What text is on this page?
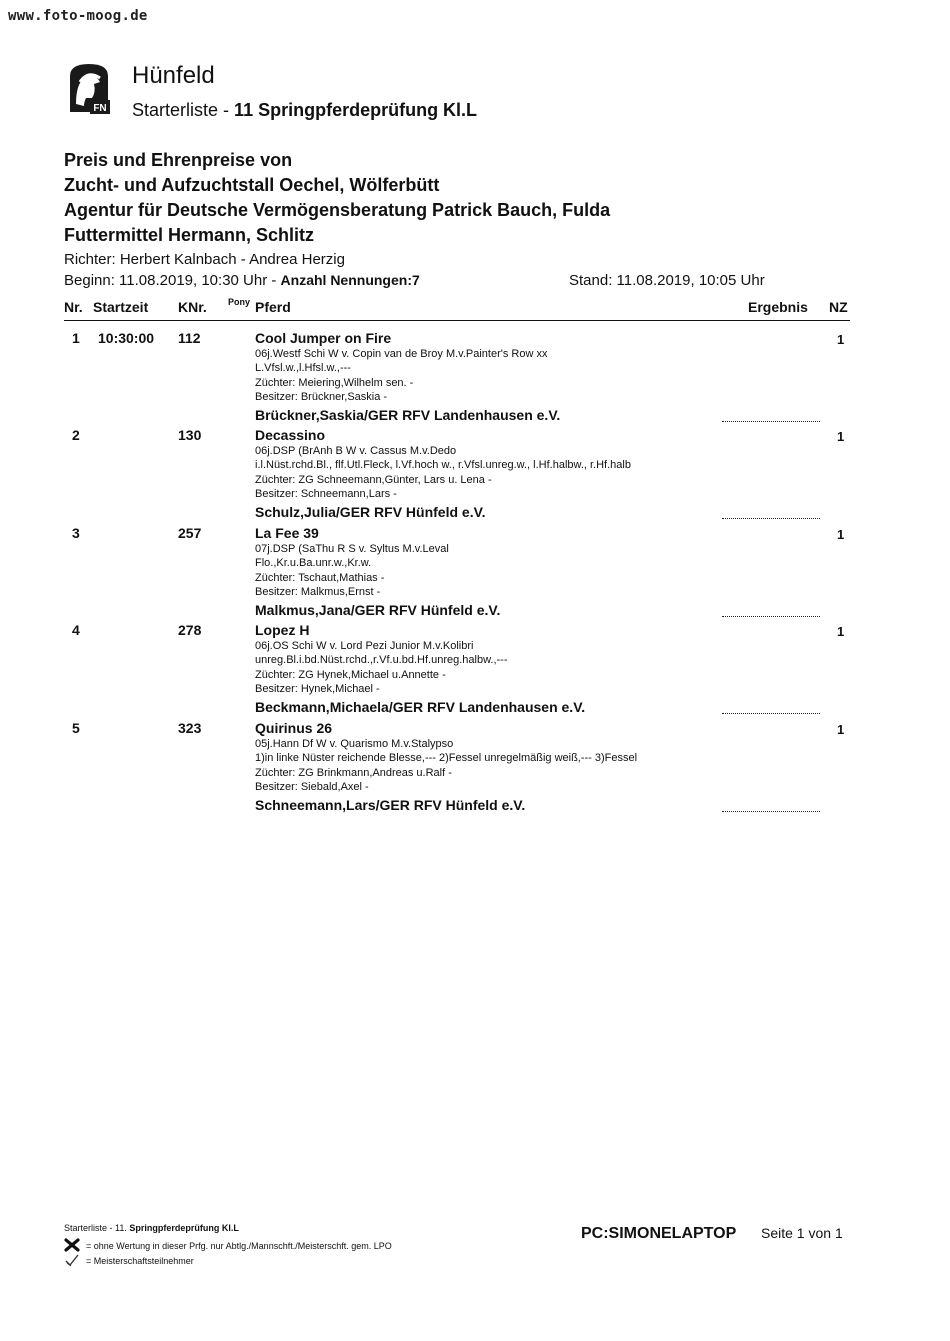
www.foto-moog.de
FN
Hünfeld
Starterliste - 11 Springpferdeprüfung Kl.L
Preis und Ehrenpreise von
Zucht- und Aufzuchtstall Oechel, Wölferbütt
Agentur für Deutsche Vermögensberatung Patrick Bauch, Fulda
Futtermittel Hermann, Schlitz
Richter: Herbert Kalnbach - Andrea Herzig
Beginn: 11.08.2019, 10:30 Uhr - Anzahl Nennungen:7	Stand: 11.08.2019, 10:05 Uhr
Nr. Startzeit KNr. Pony Pferd	Ergebnis NZ
1 10:30:00 112	Cool Jumper on Fire
06j.Westf Schi W v. Copin van de Broy M.v.Painter's Row xx
L.Vfsl.w.,l.Hfsl.w.,---
Züchter: Meiering,Wilhelm sen. -
Besitzer: Brückner,Saskia -
Brückner,Saskia/GER RFV Landenhausen e.V.
1
2	130	Decassino
06j.DSP (BrAnh B W v. Cassus M.v.Dedo
i.l.Nüst.rchd.Bl., flf.Utl.Fleck, l.Vf.hoch w., r.Vfsl.unreg.w., l.Hf.halbw., r.Hf.halb
Züchter: ZG Schneemann,Günter, Lars u. Lena -
Besitzer: Schneemann,Lars -
Schulz,Julia/GER RFV Hünfeld e.V.
1
3	257	La Fee 39
07j.DSP (SaThu R S v. Syltus M.v.Leval
Flo.,Kr.u.Ba.unr.w.,Kr.w.
Züchter: Tschaut,Mathias -
Besitzer: Malkmus,Ernst -
Malkmus,Jana/GER RFV Hünfeld e.V.
1
4	278	Lopez H
06j.OS Schi W v. Lord Pezi Junior M.v.Kolibri
unreg.Bl.i.bd.Nüst.rchd.,r.Vf.u.bd.Hf.unreg.halbw.,---
Züchter: ZG Hynek,Michael u.Annette -
Besitzer: Hynek,Michael -
Beckmann,Michaela/GER RFV Landenhausen e.V.
1
5	323	Quirinus 26
05j.Hann Df W v. Quarismo M.v.Stalypso
1)in linke Nüster reichende Blesse,--- 2)Fessel unregelmäßig weiß,--- 3)Fessel
Züchter: ZG Brinkmann,Andreas u.Ralf -
Besitzer: Siebald,Axel -
Schneemann,Lars/GER RFV Hünfeld e.V.
1
Starterliste - 11. Springpferdeprüfung Kl.L
= ohne Wertung in dieser Prfg. nur Abtlg./Mannschft./Meisterschft. gem. LPO
= Meisterschaftsteilnehmer
PC:SIMONELAPTOP Seite 1 von 1
